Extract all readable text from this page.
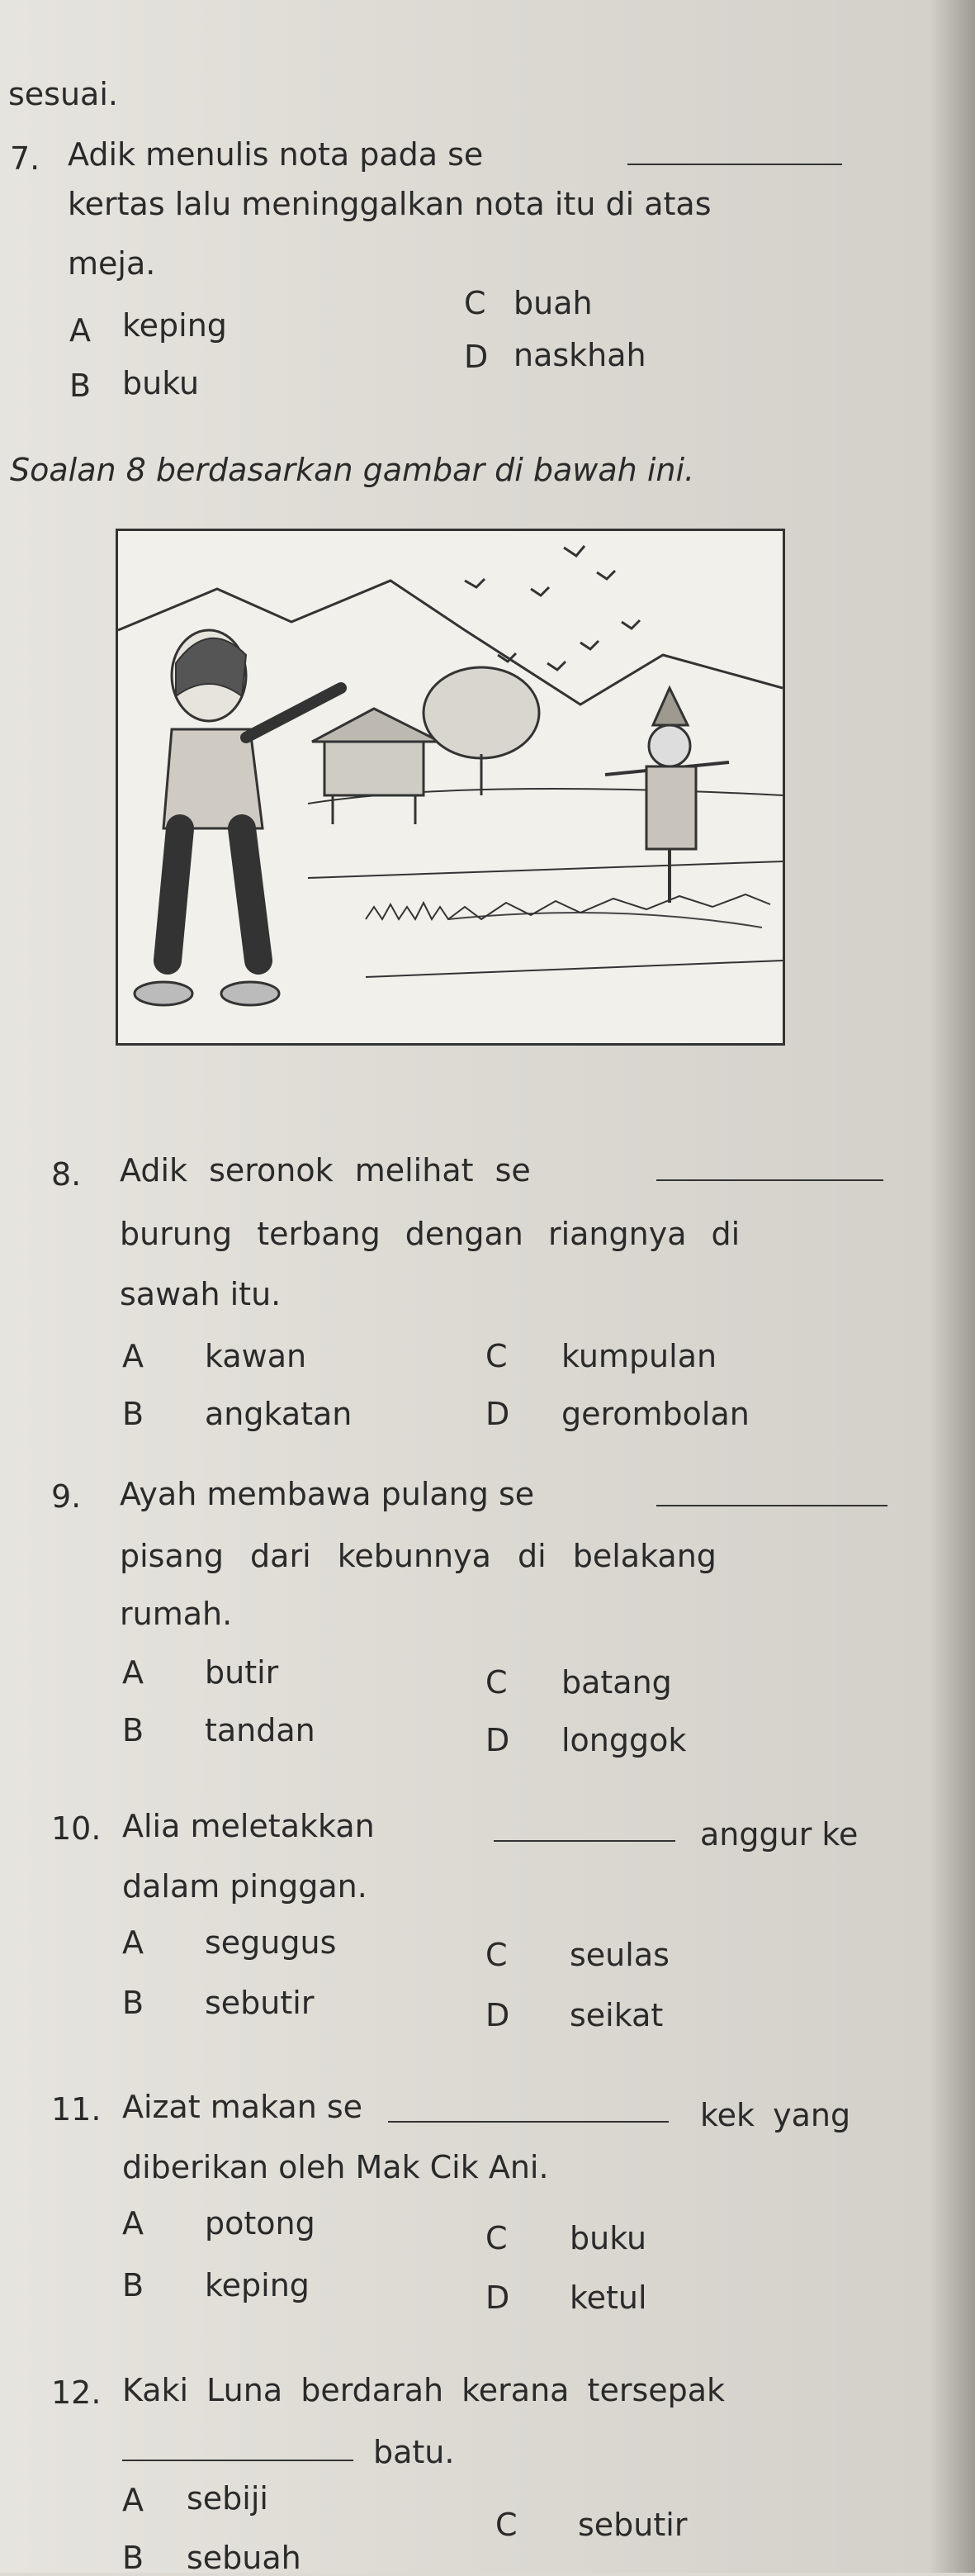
sesuai.
7. Adik menulis nota pada se
kertas lalu meninggalkan nota itu di atas
meja.
A keping
B buku
C buah
D naskhah
Soalan 8 berdasarkan gambar di bawah ini.
8. Adik seronok melihat se
burung terbang dengan riangnya di
sawah itu.
A kawan
B angkatan
C kumpulan
D gerombolan
9. Ayah membawa pulang se
pisang dari kebunnya di belakang
rumah.
A butir
B tandan
C batang
D longgok
10. Alia meletakkan	anggur ke
dalam pinggan.
A segugus
B sebutir
C seulas
D seikat
11. Aizat makan se	kek yang
diberikan oleh Mak Cik Ani.
A potong
B keping
C buku
D ketul
12. Kaki Luna berdarah kerana tersepak
batu.
A sebiji
B sebuah
C sebutir
